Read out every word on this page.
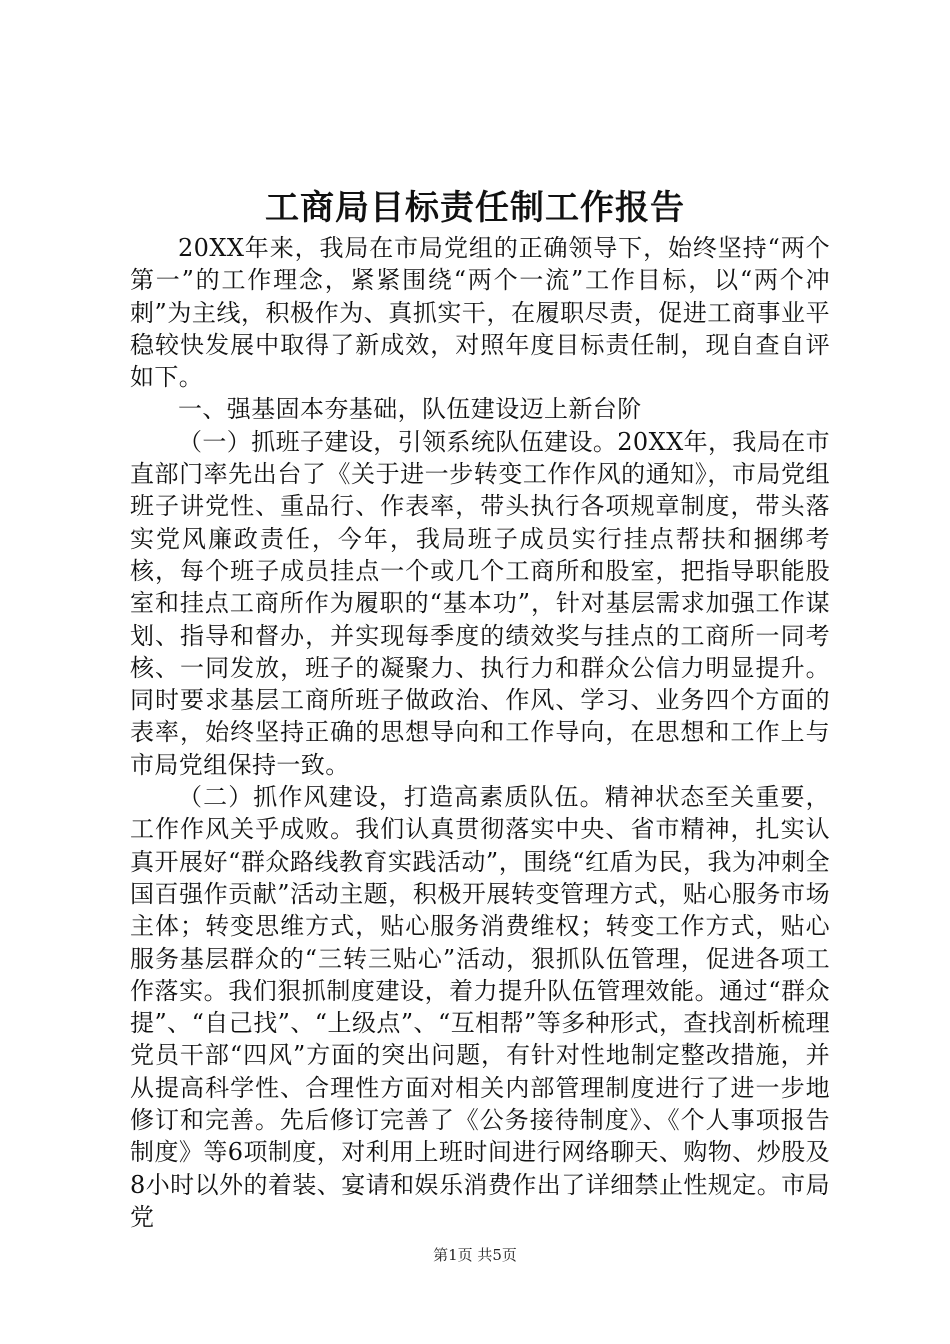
工商局目标责任制工作报告

20XX年来，我局在市局党组的正确领导下，始终坚持“两个第一”的工作理念，紧紧围绕“两个一流”工作目标，以“两个冲刺”为主线，积极作为、真抓实干，在履职尽责，促进工商事业平稳较快发展中取得了新成效，对照年度目标责任制，现自查自评如下。

一、强基固本夯基础，队伍建设迈上新台阶

（一）抓班子建设，引领系统队伍建设。20XX年，我局在市直部门率先出台了《关于进一步转变工作作风的通知》，市局党组班子讲党性、重品行、作表率，带头执行各项规章制度，带头落实党风廉政责任，今年，我局班子成员实行挂点帮扶和捆绑考核，每个班子成员挂点一个或几个工商所和股室，把指导职能股室和挂点工商所作为履职的“基本功”，针对基层需求加强工作谋划、指导和督办，并实现每季度的绩效奖与挂点的工商所一同考核、一同发放，班子的凝聚力、执行力和群众公信力明显提升。同时要求基层工商所班子做政治、作风、学习、业务四个方面的表率，始终坚持正确的思想导向和工作导向，在思想和工作上与市局党组保持一致。

（二）抓作风建设，打造高素质队伍。精神状态至关重要，工作作风关乎成败。我们认真贯彻落实中央、省市精神，扎实认真开展好“群众路线教育实践活动”，围绕“红盾为民，我为冲刺全国百强作贡献”活动主题，积极开展转变管理方式，贴心服务市场主体；转变思维方式，贴心服务消费维权；转变工作方式，贴心服务基层群众的“三转三贴心”活动，狠抓队伍管理，促进各项工作落实。我们狠抓制度建设，着力提升队伍管理效能。通过“群众提”、“自己找”、“上级点”、“互相帮”等多种形式，查找剖析梳理党员干部“四风”方面的突出问题，有针对性地制定整改措施，并从提高科学性、合理性方面对相关内部管理制度进行了进一步地修订和完善。先后修订完善了《公务接待制度》、《个人事项报告制度》等6项制度，对利用上班时间进行网络聊天、购物、炒股及8小时以外的着装、宴请和娱乐消费作出了详细禁止性规定。市局党

第1页 共5页
